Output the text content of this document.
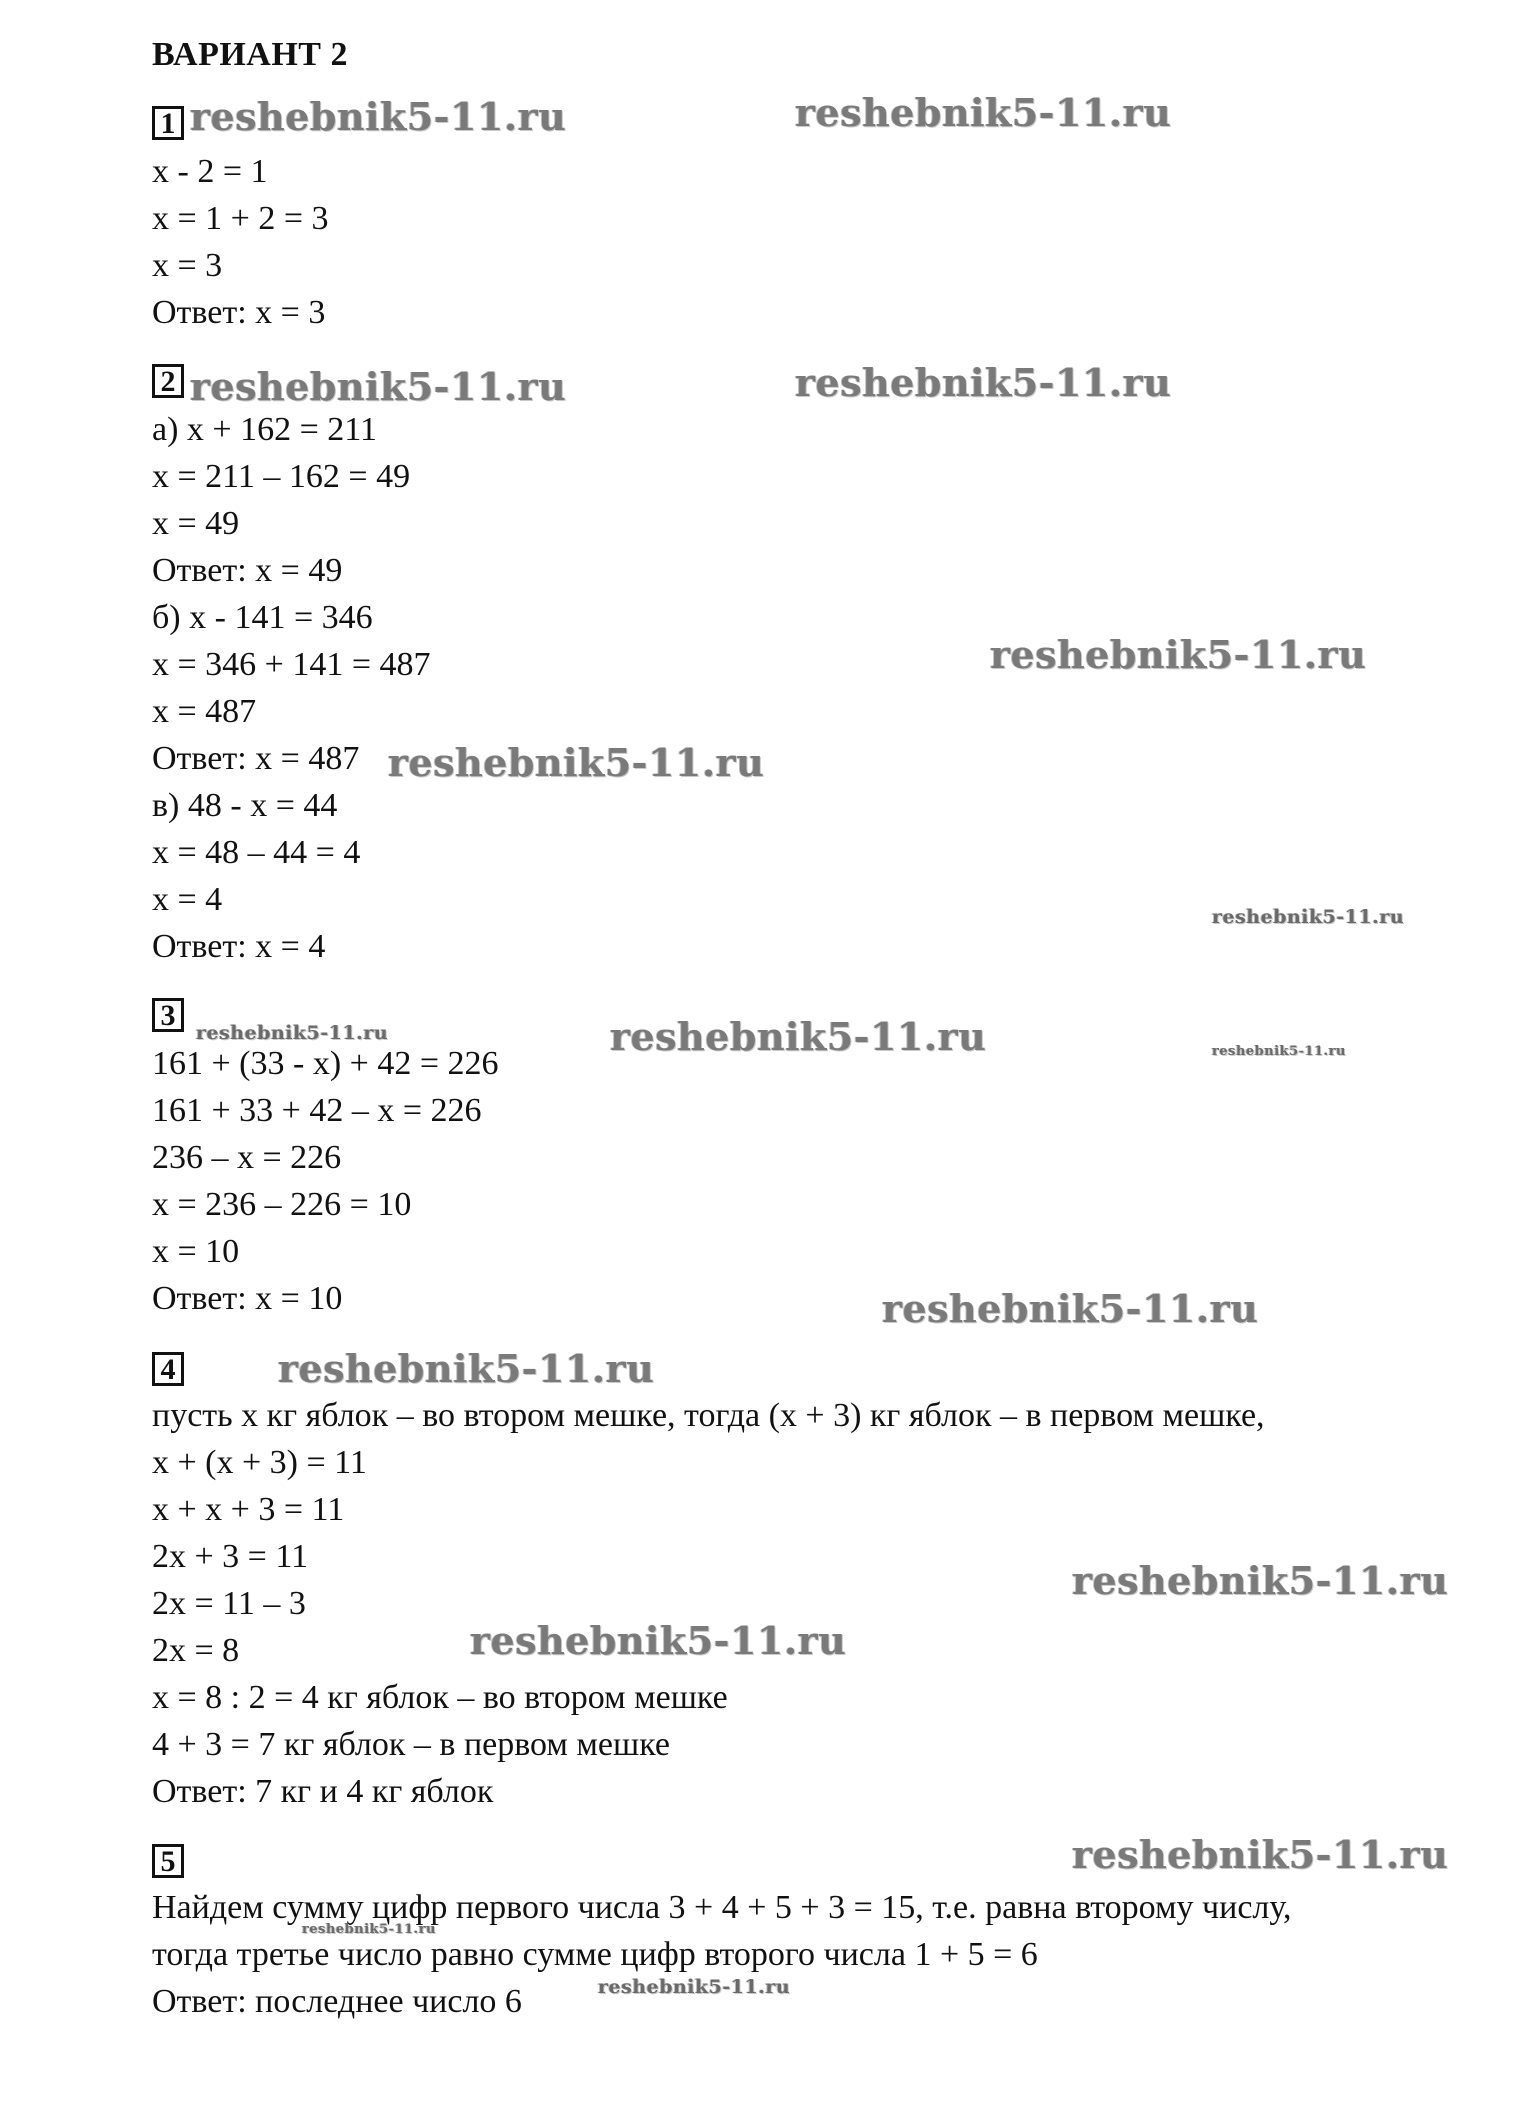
ВАРИАНТ 2
1
x - 2 = 1
x = 1 + 2 = 3
x = 3
Ответ: x = 3
2
а) x + 162 = 211
x = 211 – 162 = 49
x = 49
Ответ: x = 49
б) x - 141 = 346
x = 346 + 141 = 487
x = 487
Ответ: x = 487
в) 48 - x = 44
x = 48 – 44 = 4
x = 4
Ответ: x = 4
3
161 + (33 - x) + 42 = 226
161 + 33 + 42 – x = 226
236 – x = 226
x = 236 – 226 = 10
x = 10
Ответ: x = 10
4
пусть x кг яблок – во втором мешке, тогда (x + 3) кг яблок – в первом мешке,
x + (x + 3) = 11
x + x + 3 = 11
2x + 3 = 11
2x = 11 – 3
2x = 8
x = 8 : 2 = 4 кг яблок – во втором мешке
4 + 3 = 7 кг яблок – в первом мешке
Ответ: 7 кг и 4 кг яблок
5
Найдем сумму цифр первого числа 3 + 4 + 5 + 3 = 15, т.е. равна второму числу,
тогда третье число равно сумме цифр второго числа 1 + 5 = 6
Ответ: последнее число 6
reshebnik5-11.ru	reshebnik5-11.ru
reshebnik5-11.ru	reshebnik5-11.ru
reshebnik5-11.ru
reshebnik5-11.ru
reshebnik5-11.ru
reshebnik5-11.ru	reshebnik5-11.ru	reshebnik5-11.ru
reshebnik5-11.ru
reshebnik5-11.ru
reshebnik5-11.ru
reshebnik5-11.ru
reshebnik5-11.ru
reshebnik5-11.ru
reshebnik5-11.ru
